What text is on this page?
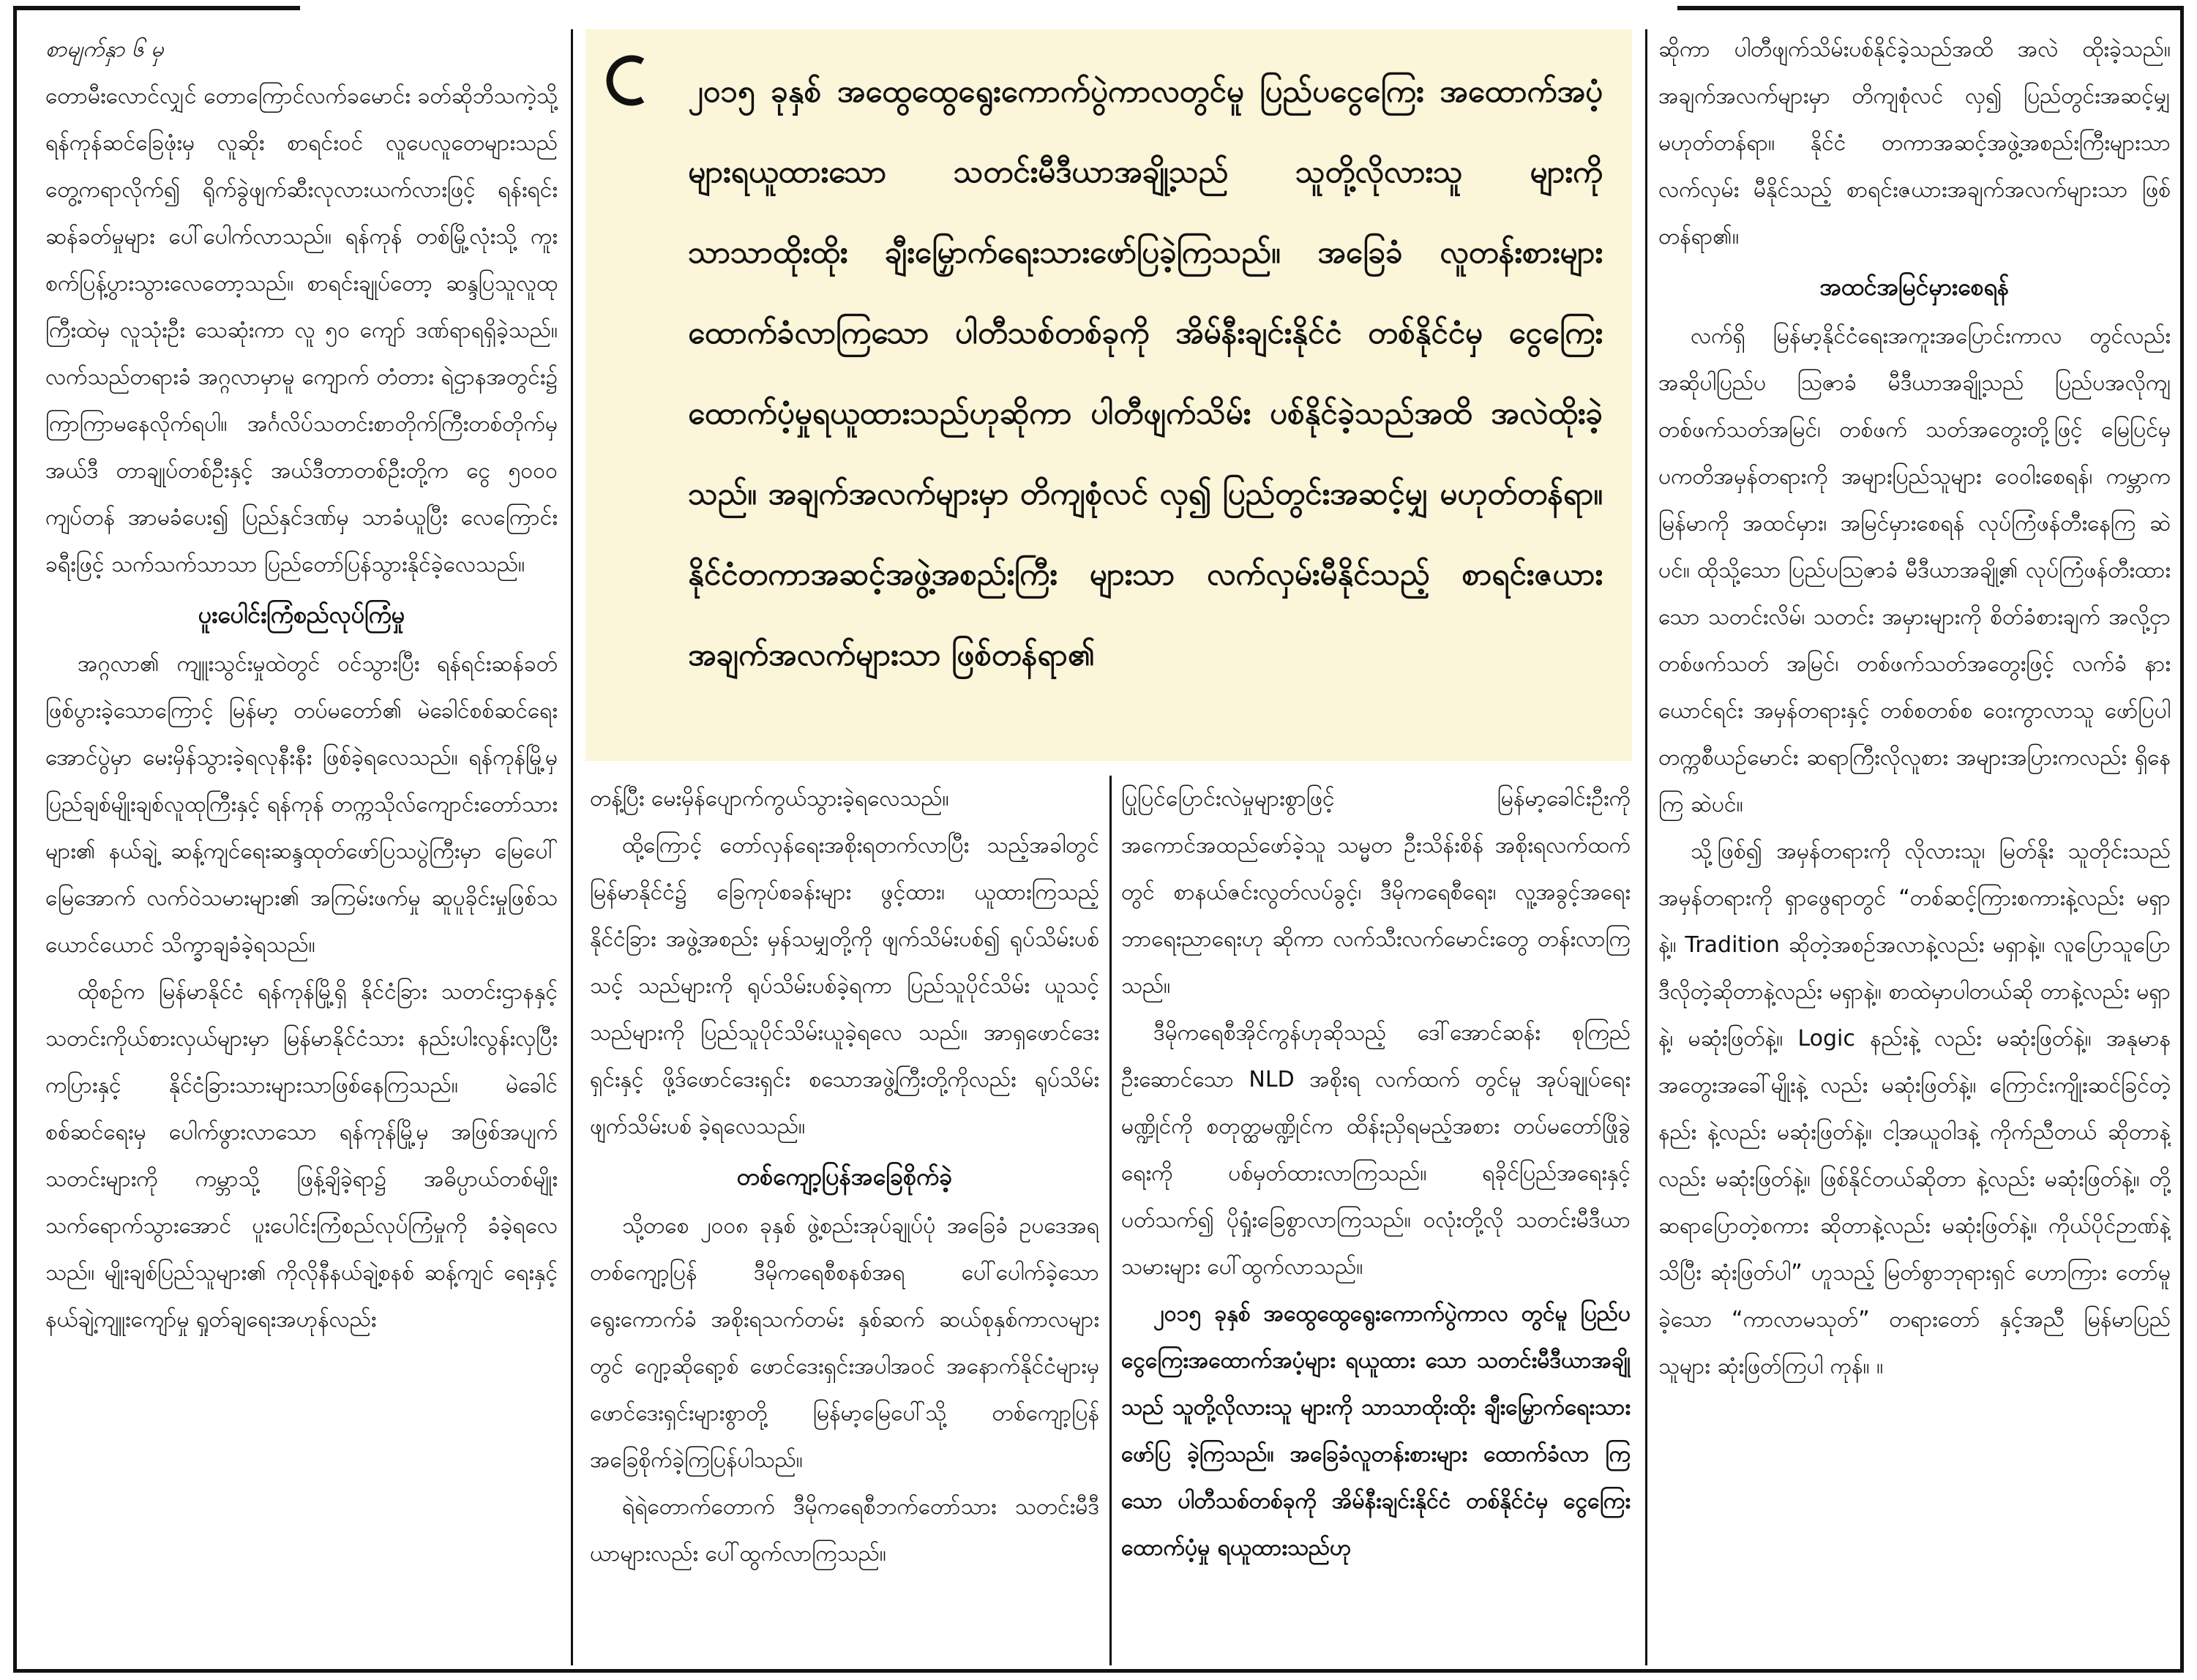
စာမျက်နှာ ၆ မှ

တောမီးလောင်လျှင် တောကြောင်လက်ခမောင်း ခတ်ဆိုဘိသကဲ့သို့ ရန်ကုန်ဆင်ခြေဖုံးမှ လူဆိုး စာရင်းဝင် လူပေလူတေများသည် တွေ့ကရာလိုက်၍ ရိုက်ခွဲဖျက်ဆီးလုလားယက်လားဖြင့် ရန်းရင်း ဆန်ခတ်မှုများ ပေါ်ပေါက်လာသည်။ ရန်ကုန် တစ်မြို့လုံးသို့ ကူးစက်ပြန့်ပွားသွားလေတော့သည်။ စာရင်းချုပ်တော့ ဆန္ဒပြသူလူထုကြီးထဲမှ လူသုံးဦး သေဆုံးကာ လူ ၅၀ ကျော် ဒဏ်ရာရရှိခဲ့သည်။ လက်သည်တရားခံ အဂ္ဂလာမှာမူ ကျောက် တံတား ရဲဌာနအတွင်း၌ ကြာကြာမနေလိုက်ရပါ။ အင်္ဂလိပ်သတင်းစာတိုက်ကြီးတစ်တိုက်မှ အယ်ဒီ တာချုပ်တစ်ဦးနှင့် အယ်ဒီတာတစ်ဦးတို့က ငွေ ၅၀၀၀ ကျပ်တန် အာမခံပေး၍ ပြည်နှင်ဒဏ်မှ သာခံယူပြီး လေကြောင်းခရီးဖြင့် သက်သက်သာသာ ပြည်တော်ပြန်သွားနိုင်ခဲ့လေသည်။

ပူးပေါင်းကြံစည်လုပ်ကြံမှု

အဂ္ဂလာ၏ ကျူးသွင်းမှုထဲတွင် ဝင်သွားပြီး ရန်ရင်းဆန်ခတ်ဖြစ်ပွားခဲ့သောကြောင့် မြန်မာ့ တပ်မတော်၏ မဲခေါင်စစ်ဆင်ရေးအောင်ပွဲမှာ မေးမှိန်သွားခဲ့ရလုနီးနီး ဖြစ်ခဲ့ရလေသည်။ ရန်ကုန်မြို့မှ ပြည်ချစ်မျိုးချစ်လူထုကြီးနှင့် ရန်ကုန် တက္ကသိုလ်ကျောင်းတော်သားများ၏ နယ်ချဲ့ ဆန့်ကျင်ရေးဆန္ဒထုတ်ဖော်ပြသပွဲကြီးမှာ မြေပေါ် မြေအောက် လက်ဝဲသမားများ၏ အကြမ်းဖက်မှု ဆူပူခိုင်းမှုဖြစ်သယောင်ယောင် သိက္ခာချခံခဲ့ရသည်။

ထိုစဉ်က မြန်မာနိုင်ငံ ရန်ကုန်မြို့ရှိ နိုင်ငံခြား သတင်းဌာနနှင့် သတင်းကိုယ်စားလှယ်များမှာ မြန်မာနိုင်ငံသား နည်းပါးလွန်းလှပြီး ကပြားနှင့် နိုင်ငံခြားသားများသာဖြစ်နေကြသည်။ မဲခေါင် စစ်ဆင်ရေးမှ ပေါက်ဖွားလာသော ရန်ကုန်မြို့မှ အဖြစ်အပျက်သတင်းများကို ကမ္ဘာသို့ ဖြန့်ချိခဲ့ရာ၌ အဓိပ္ပာယ်တစ်မျိုး သက်ရောက်သွားအောင် ပူးပေါင်းကြံစည်လုပ်ကြံမှုကို ခံခဲ့ရလေသည်။ မျိုးချစ်ပြည်သူများ၏ ကိုလိုနီနယ်ချဲ့စနစ် ဆန့်ကျင် ရေးနှင့် နယ်ချဲ့ကျူးကျော်မှု ရှုတ်ချရေးအဟုန်လည်း

၂၀၁၅ ခုနှစ် အထွေထွေရွေးကောက်ပွဲကာလတွင်မူ ပြည်ပငွေကြေး အထောက်အပံ့များရယူထားသော သတင်းမီဒီယာအချို့သည် သူတို့လိုလားသူ များကို သာသာထိုးထိုး ချီးမြှောက်ရေးသားဖော်ပြခဲ့ကြသည်။ အခြေခံ လူတန်းစားများ ထောက်ခံလာကြသော ပါတီသစ်တစ်ခုကို အိမ်နီးချင်းနိုင်ငံ တစ်နိုင်ငံမှ ငွေကြေးထောက်ပံ့မှုရယူထားသည်ဟုဆိုကာ ပါတီဖျက်သိမ်း ပစ်နိုင်ခဲ့သည်အထိ အလဲထိုးခဲ့သည်။ အချက်အလက်များမှာ တိကျစုံလင် လှ၍ ပြည်တွင်းအဆင့်မျှ မဟုတ်တန်ရာ။ နိုင်ငံတကာအဆင့်အဖွဲ့အစည်းကြီး များသာ လက်လှမ်းမီနိုင်သည့် စာရင်းဇယားအချက်အလက်များသာ ဖြစ်တန်ရာ၏

တန့်ပြီး မေးမှိန်ပျောက်ကွယ်သွားခဲ့ရလေသည်။

ထို့ကြောင့် တော်လှန်ရေးအစိုးရတက်လာပြီး သည့်အခါတွင် မြန်မာနိုင်ငံ၌ ခြေကုပ်စခန်းများ ဖွင့်ထား၊ ယူထားကြသည့် နိုင်ငံခြား အဖွဲ့အစည်း မှန်သမျှတို့ကို ဖျက်သိမ်းပစ်၍ ရုပ်သိမ်းပစ်သင့် သည်များကို ရုပ်သိမ်းပစ်ခဲ့ရကာ ပြည်သူပိုင်သိမ်း ယူသင့်သည်များကို ပြည်သူပိုင်သိမ်းယူခဲ့ရလေ သည်။ အာရှဖောင်ဒေးရှင်းနှင့် ဖို့ဒ်ဖောင်ဒေးရှင်း စသောအဖွဲ့ကြီးတို့ကိုလည်း ရုပ်သိမ်းဖျက်သိမ်းပစ် ခဲ့ရလေသည်။

တစ်ကျော့ပြန်အခြေစိုက်ခဲ့

သို့တစေ ၂၀၀၈ ခုနှစ် ဖွဲ့စည်းအုပ်ချုပ်ပုံ အခြေခံ ဥပဒေအရ တစ်ကျော့ပြန် ဒီမိုကရေစီစနစ်အရ ပေါ်ပေါက်ခဲ့သော ရွေးကောက်ခံ အစိုးရသက်တမ်း နှစ်ဆက် ဆယ်စုနှစ်ကာလများတွင် ဂျော့ဆိုရော့စ် ဖောင်ဒေးရှင်းအပါအဝင် အနောက်နိုင်ငံများမှ ဖောင်ဒေးရှင်းများစွာတို့ မြန်မာ့မြေပေါ်သို့ တစ်ကျော့ပြန် အခြေစိုက်ခဲ့ကြပြန်ပါသည်။

ရဲရဲတောက်တောက် ဒီမိုကရေစီဘက်တော်သား သတင်းမီဒီယာများလည်း ပေါ်ထွက်လာကြသည်။

ပြုပြင်ပြောင်းလဲမှုများစွာဖြင့် မြန်မာ့ခေါင်းဦးကို အကောင်အထည်ဖော်ခဲ့သူ သမ္မတ ဦးသိန်းစိန် အစိုးရလက်ထက်တွင် စာနယ်ဇင်းလွတ်လပ်ခွင့်၊ ဒီမိုကရေစီရေး၊ လူ့အခွင့်အရေး ဘာရေးညာရေးဟု ဆိုကာ လက်သီးလက်မောင်းတွေ တန်းလာကြ သည်။

ဒီမိုကရေစီအိုင်ကွန်ဟုဆိုသည့် ဒေါ်အောင်ဆန်း စုကြည် ဦးဆောင်သော NLD အစိုးရ လက်ထက် တွင်မူ အုပ်ချုပ်ရေးမဏ္ဍိုင်ကို စတုတ္ထမဏ္ဍိုင်က ထိန်းညှိရမည့်အစား တပ်မတော်ဖြိုခွဲရေးကို ပစ်မှတ်ထားလာကြသည်။ ရခိုင်ပြည်အရေးနှင့် ပတ်သက်၍ ပိုရှုံးခြေစွာလာကြသည်။ ဝလုံးတို့လို သတင်းမီဒီယာသမားများ ပေါ်ထွက်လာသည်။

၂၀၁၅ ခုနှစ် အထွေထွေရွေးကောက်ပွဲကာလ တွင်မူ ပြည်ပငွေကြေးအထောက်အပံ့များ ရယူထား သော သတင်းမီဒီယာအချို့သည် သူတို့လိုလားသူ များကို သာသာထိုးထိုး ချီးမြှောက်ရေးသားဖော်ပြ ခဲ့ကြသည်။ အခြေခံလူတန်းစားများ ထောက်ခံလာ ကြသော ပါတီသစ်တစ်ခုကို အိမ်နီးချင်းနိုင်ငံ တစ်နိုင်ငံမှ ငွေကြေးထောက်ပံ့မှု ရယူထားသည်ဟု

ဆိုကာ ပါတီဖျက်သိမ်းပစ်နိုင်ခဲ့သည်အထိ အလဲ ထိုးခဲ့သည်။ အချက်အလက်များမှာ တိကျစုံလင် လှ၍ ပြည်တွင်းအဆင့်မျှ မဟုတ်တန်ရာ။ နိုင်ငံ တကာအဆင့်အဖွဲ့အစည်းကြီးများသာ လက်လှမ်း မီနိုင်သည့် စာရင်းဇယားအချက်အလက်များသာ ဖြစ်တန်ရာ၏။

အထင်အမြင်မှားစေရန်

လက်ရှိ မြန်မာ့နိုင်ငံရေးအကူးအပြောင်းကာလ တွင်လည်း အဆိုပါပြည်ပ ဩဇာခံ မီဒီယာအချို့သည် ပြည်ပအလိုကျ တစ်ဖက်သတ်အမြင်၊ တစ်ဖက် သတ်အတွေးတို့ဖြင့် မြေပြင်မှ ပကတိအမှန်တရားကို အများပြည်သူများ ဝေဝါးစေရန်၊ ကမ္ဘာက မြန်မာကို အထင်မှား၊ အမြင်မှားစေရန် လုပ်ကြံဖန်တီးနေကြ ဆဲပင်။ ထိုသို့သော ပြည်ပဩဇာခံ မီဒီယာအချို့၏ လုပ်ကြံဖန်တီးထားသော သတင်းလိမ်၊ သတင်း အမှားများကို စိတ်ခံစားချက် အလို့ငှာ တစ်ဖက်သတ် အမြင်၊ တစ်ဖက်သတ်အတွေးဖြင့် လက်ခံ နားယောင်ရင်း အမှန်တရားနှင့် တစ်စတစ်စ ဝေးကွာလာသူ ဖော်ပြပါ တက္ကစီယဉ်မောင်း ဆရာကြီးလိုလူစား အများအပြားကလည်း ရှိနေကြ ဆဲပင်။

သို့ဖြစ်၍ အမှန်တရားကို လိုလားသူ၊ မြတ်နိုး သူတိုင်းသည် အမှန်တရားကို ရှာဖွေရာတွင် “တစ်ဆင့်ကြားစကားနဲ့လည်း မရှာနဲ့။ Tradition ဆိုတဲ့အစဉ်အလာနဲ့လည်း မရှာနဲ့။ လူပြောသူပြော ဒီလိုတဲ့ဆိုတာနဲ့လည်း မရှာနဲ့။ စာထဲမှာပါတယ်ဆို တာနဲ့လည်း မရှာနဲ့၊ မဆုံးဖြတ်နဲ့။ Logic နည်းနဲ့ လည်း မဆုံးဖြတ်နဲ့။ အနုမာန အတွေးအခေါ်မျိုးနဲ့ လည်း မဆုံးဖြတ်နဲ့။ ကြောင်းကျိုးဆင်ခြင်တဲ့နည်း နဲ့လည်း မဆုံးဖြတ်နဲ့။ ငါ့အယူဝါဒနဲ့ ကိုက်ညီတယ် ဆိုတာနဲ့လည်း မဆုံးဖြတ်နဲ့။ ဖြစ်နိုင်တယ်ဆိုတာ နဲ့လည်း မဆုံးဖြတ်နဲ့။ တို့ဆရာပြောတဲ့စကား ဆိုတာနဲ့လည်း မဆုံးဖြတ်နဲ့။ ကိုယ်ပိုင်ဉာဏ်နဲ့သိပြီး ဆုံးဖြတ်ပါ” ဟူသည့် မြတ်စွာဘုရားရှင် ဟောကြား တော်မူခဲ့သော “ကာလာမသုတ်” တရားတော် နှင့်အညီ မြန်မာပြည်သူများ ဆုံးဖြတ်ကြပါ ကုန်။ ။
